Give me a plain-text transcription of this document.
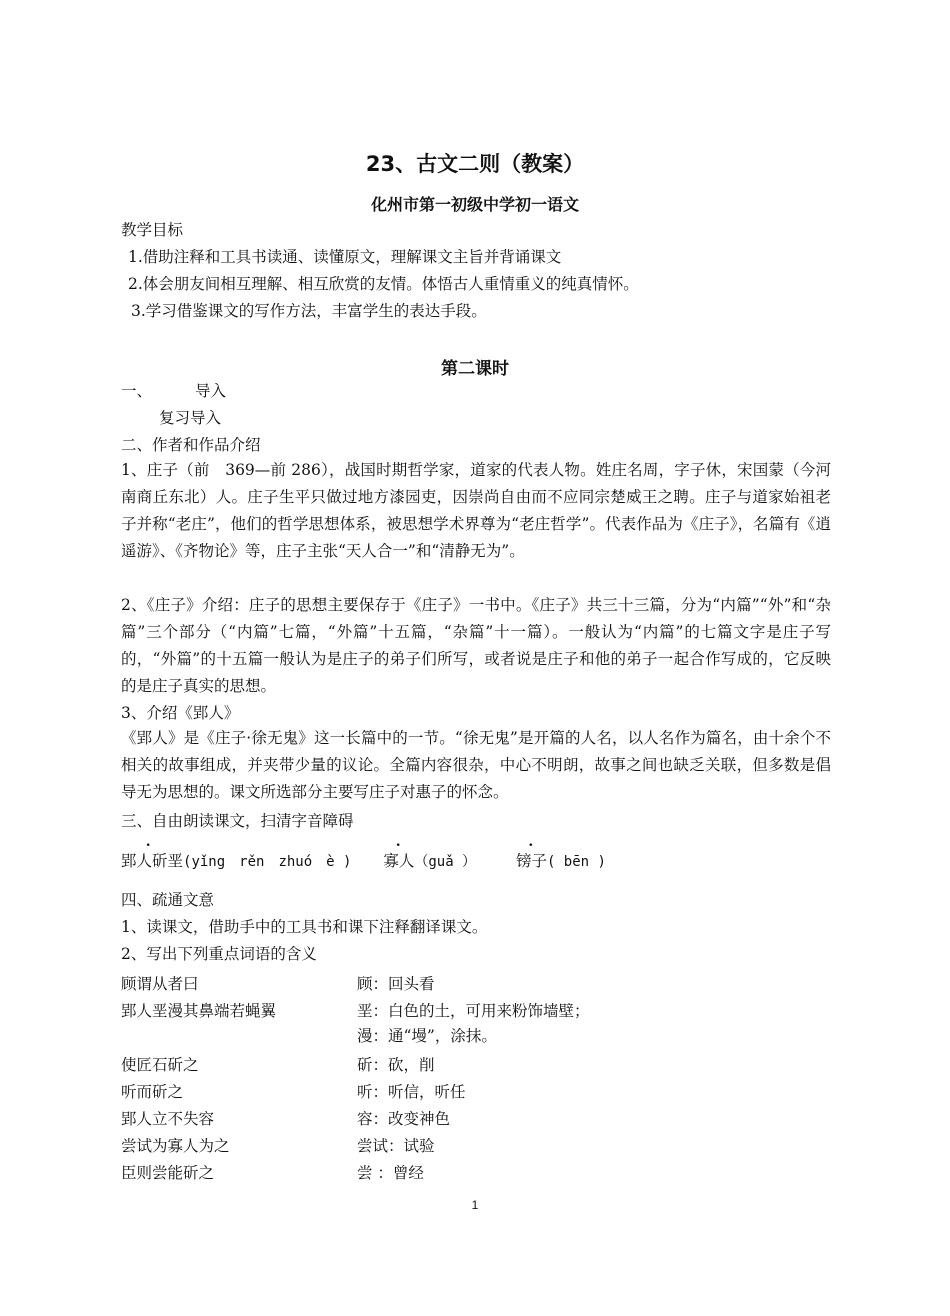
23、古文二则（教案）
化州市第一初级中学初一语文
教学目标
1.借助注释和工具书读通、读懂原文，理解课文主旨并背诵课文
2.体会朋友间相互理解、相互欣赏的友情。体悟古人重情重义的纯真情怀。
3.学习借鉴课文的写作方法，丰富学生的表达手段。
第二课时
一、	导入
复习导入
二、作者和作品介绍
1、庄子（前　369—前 286），战国时期哲学家，道家的代表人物。姓庄名周，字子休，宋国蒙（今河南商丘东北）人。庄子生平只做过地方漆园吏，因崇尚自由而不应同宗楚威王之聘。庄子与道家始祖老子并称“老庄”，他们的哲学思想体系，被思想学术界尊为“老庄哲学”。代表作品为《庄子》，名篇有《逍遥游》、《齐物论》等，庄子主张“天人合一”和“清静无为”。
2、《庄子》介绍：庄子的思想主要保存于《庄子》一书中。《庄子》共三十三篇，分为“内篇”“外”和“杂篇”三个部分（“内篇”七篇，“外篇”十五篇，“杂篇”十一篇）。一般认为“内篇”的七篇文字是庄子写的，“外篇”的十五篇一般认为是庄子的弟子们所写，或者说是庄子和他的弟子一起合作写成的，它反映的是庄子真实的思想。
3、介绍《郢人》
《郢人》是《庄子·徐无鬼》这一长篇中的一节。“徐无鬼”是开篇的人名，以人名作为篇名，由十余个不相关的故事组成，并夹带少量的议论。全篇内容很杂，中心不明朗，故事之间也缺乏关联，但多数是倡导无为思想的。课文所选部分主要写庄子对惠子的怀念。
三、自由朗读课文，扫清字音障碍
郢人斫垩(yǐng　rěn　zhuó　è ) 寡人（guǎ ）	镑子( bēn )
四、疏通文意
1、读课文，借助手中的工具书和课下注释翻译课文。
2、写出下列重点词语的含义
顾谓从者曰	顾：回头看
郢人垩漫其鼻端若蝇翼	垩：白色的土，可用来粉饰墙壁；
漫：通“墁”，涂抹。
使匠石斫之	斫：砍，削
听而斫之	听：听信，听任
郢人立不失容	容：改变神色
尝试为寡人为之	尝试：试验
臣则尝能斫之	尝 ：曾经
1
